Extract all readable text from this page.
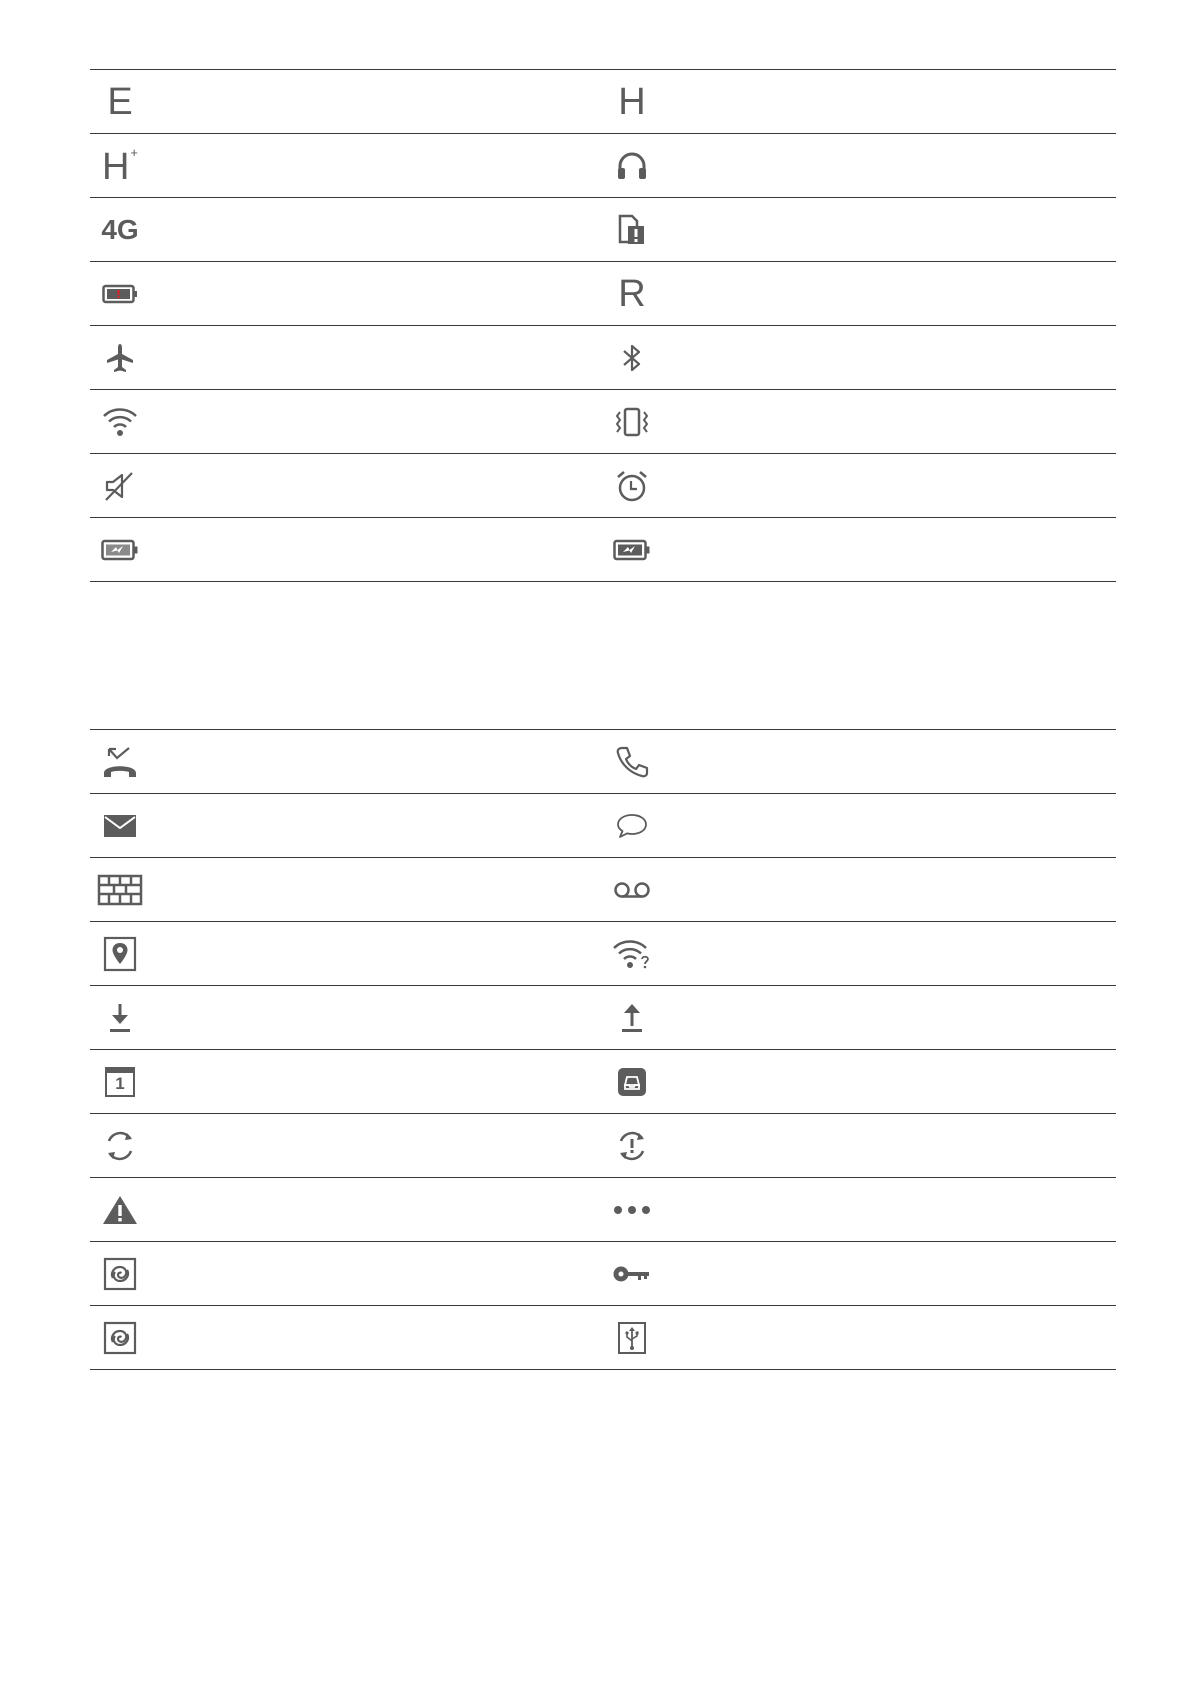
E	H
H+
4G
R
1
